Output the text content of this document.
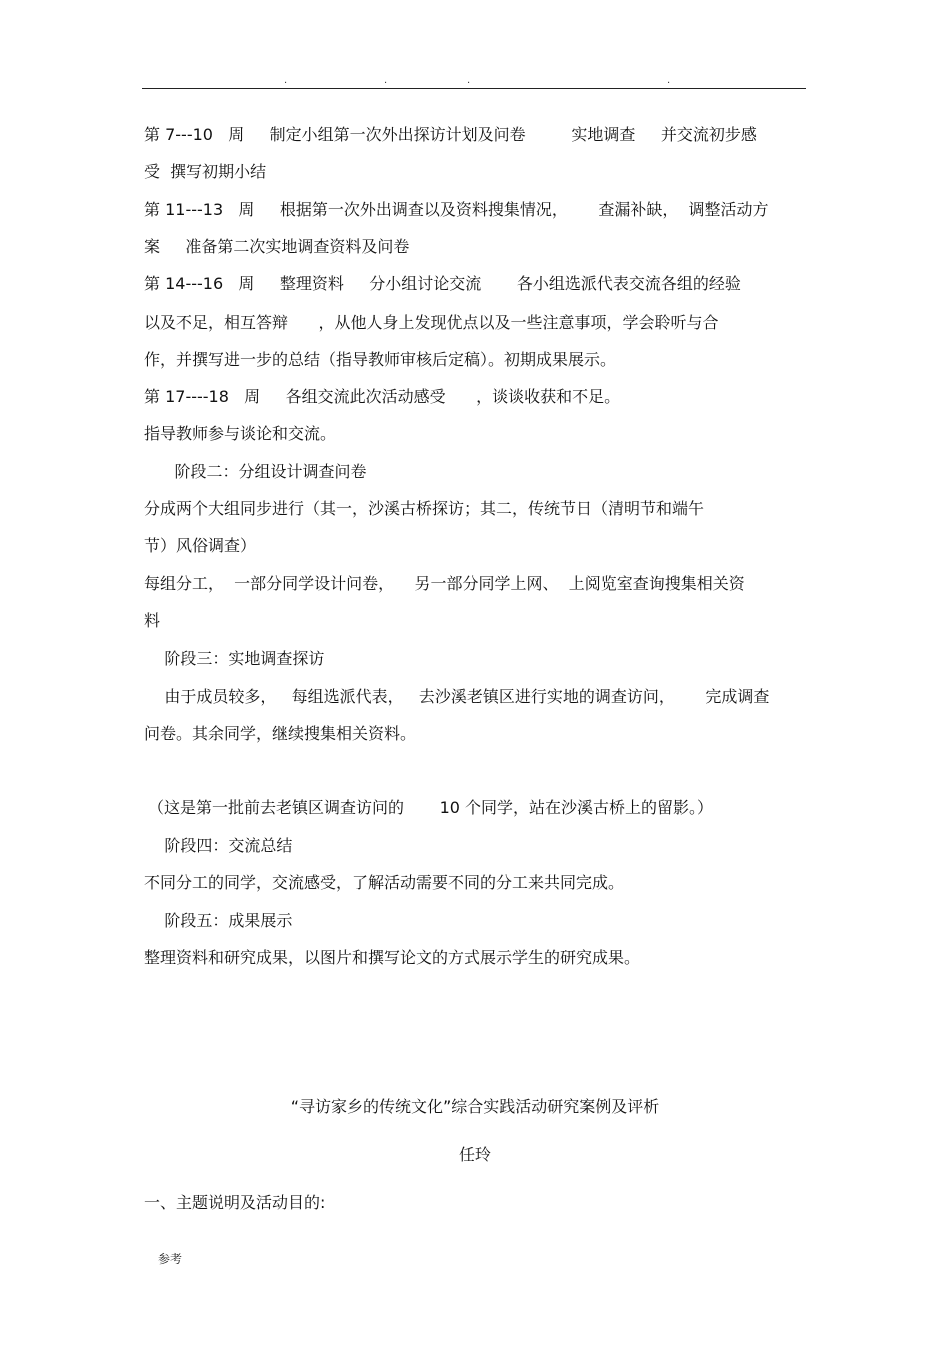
.	.	.	.
第 7---10   周     制定小组第一次外出探访计划及问卷         实地调查     并交流初步感
受  撰写初期小结
第 11---13   周     根据第一次外出调查以及资料搜集情况，      查漏补缺，  调整活动方
案     准备第二次实地调查资料及问卷
第 14---16   周     整理资料     分小组讨论交流       各小组选派代表交流各组的经验
以及不足，相互答辩      ，从他人身上发现优点以及一些注意事项，学会聆听与合
作，并撰写进一步的总结（指导教师审核后定稿）。初期成果展示。
第 17----18   周     各组交流此次活动感受      ，谈谈收获和不足。
指导教师参与谈论和交流。
阶段二：分组设计调查问卷
分成两个大组同步进行（其一，沙溪古桥探访；其二，传统节日（清明节和端午
节）风俗调查）
每组分工，  一部分同学设计问卷，    另一部分同学上网、  上阅览室查询搜集相关资
料
阶段三：实地调查探访
由于成员较多，   每组选派代表，   去沙溪老镇区进行实地的调查访问，      完成调查
问卷。其余同学，继续搜集相关资料。
（这是第一批前去老镇区调查访问的       10 个同学，站在沙溪古桥上的留影。）
阶段四：交流总结
不同分工的同学，交流感受，了解活动需要不同的分工来共同完成。
阶段五：成果展示
整理资料和研究成果，以图片和撰写论文的方式展示学生的研究成果。
“寻访家乡的传统文化”综合实践活动研究案例及评析
任玲
一、主题说明及活动目的:
参考
